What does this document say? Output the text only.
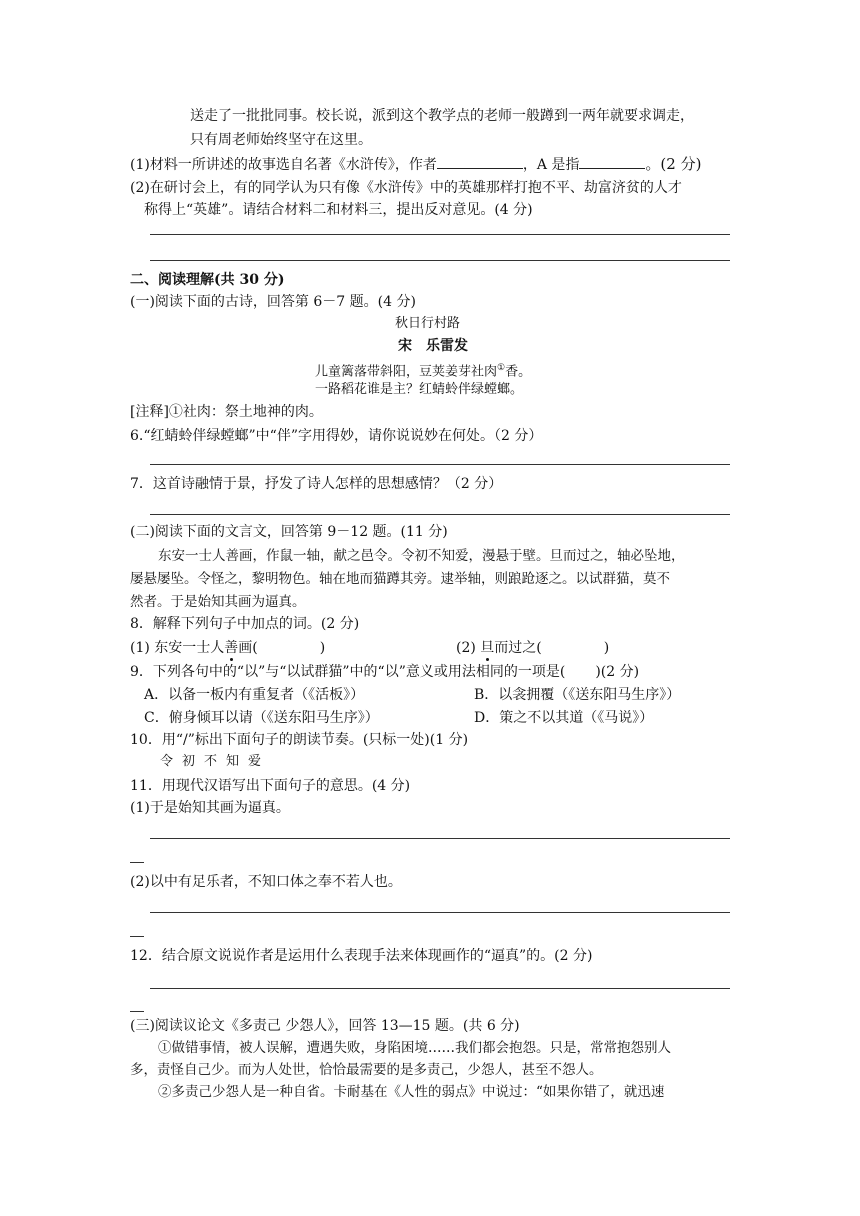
送走了一批批同事。校长说，派到这个教学点的老师一般蹲到一两年就要求调走，
只有周老师始终坚守在这里。
(1)材料一所讲述的故事选自名著《水浒传》，作者	，A 是指	。(2 分)
(2)在研讨会上，有的同学认为只有像《水浒传》中的英雄那样打抱不平、劫富济贫的人才
称得上“英雄”。请结合材料二和材料三，提出反对意见。(4 分)
二、阅读理解(共 30 分)
(一)阅读下面的古诗，回答第 6－7 题。(4 分)
秋日行村路
宋　乐雷发
儿童篱落带斜阳，豆荚姜芽社肉①香。
一路稻花谁是主？红蜻蛉伴绿螳螂。
[注释]①社肉：祭土地神的肉。
6.“红蜻蛉伴绿螳螂”中“伴”字用得妙，请你说说妙在何处。（2 分）
7．这首诗融情于景，抒发了诗人怎样的思想感情？（2 分）
(二)阅读下面的文言文，回答第 9－12 题。(11 分)
东安一士人善画，作鼠一轴，献之邑令。令初不知爱，漫悬于壁。旦而过之，轴必坠地，
屡悬屡坠。令怪之，黎明物色。轴在地而猫蹲其旁。逮举轴，则踉跄逐之。以试群猫，莫不
然者。于是始知其画为逼真。
8．解释下列句子中加点的词。(2 分)
(1) 东安一士人善画(	)	(2) 旦而过之(	)
9．下列各句中的“以”与“以试群猫”中的“以”意义或用法相同的一项是( )(2 分)
A．以备一板内有重复者（《活板》）	B．以衾拥覆（《送东阳马生序》）
C．俯身倾耳以请（《送东阳马生序》）	D．策之不以其道（《马说》）
10．用“/”标出下面句子的朗读节奏。(只标一处)(1 分)
令初不知爱
11．用现代汉语写出下面句子的意思。(4 分)
(1)于是始知其画为逼真。
(2)以中有足乐者，不知口体之奉不若人也。
12．结合原文说说作者是运用什么表现手法来体现画作的“逼真”的。(2 分)
(三)阅读议论文《多责己 少怨人》，回答 13—15 题。(共 6 分)
①做错事情，被人误解，遭遇失败，身陷困境……我们都会抱怨。只是，常常抱怨别人
多，责怪自己少。而为人处世，恰恰最需要的是多责己，少怨人，甚至不怨人。
②多责己少怨人是一种自省。卡耐基在《人性的弱点》中说过：“如果你错了，就迅速
